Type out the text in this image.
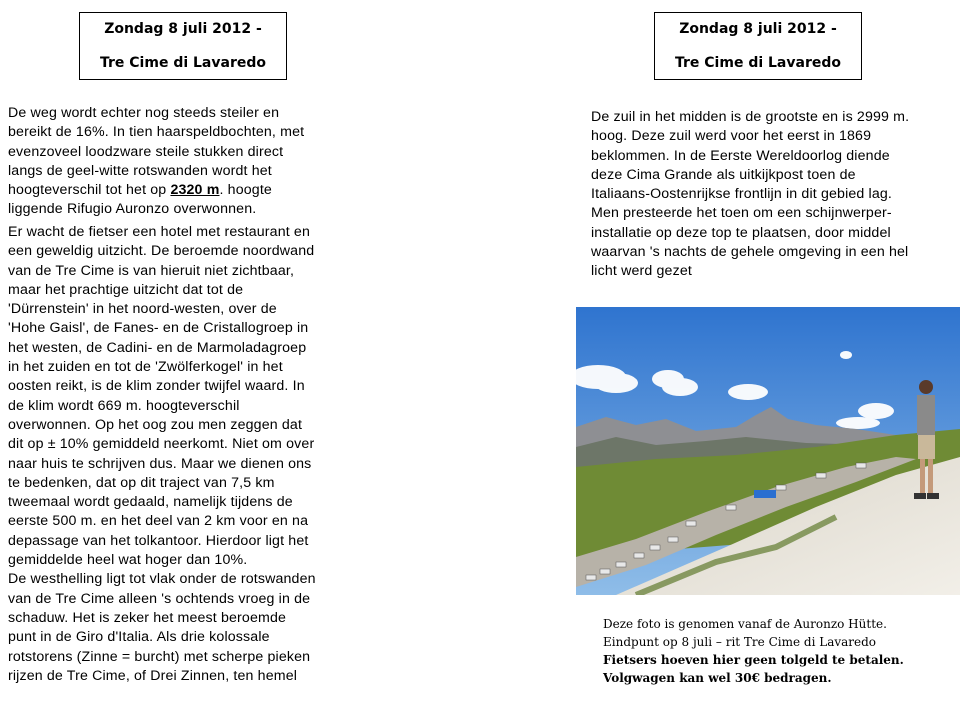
Zondag 8 juli 2012 -
Tre Cime di Lavaredo
De weg wordt echter nog steeds steiler en
bereikt de 16%. In tien haarspeldbochten, met
evenzoveel loodzware steile stukken direct
langs de geel-witte rotswanden wordt het
hoogteverschil tot het op 2320 m. hoogte
liggende Rifugio Auronzo overwonnen.
Er wacht de fietser een hotel met restaurant en
een geweldig uitzicht. De beroemde noordwand
van de Tre Cime is van hieruit niet zichtbaar,
maar het prachtige uitzicht dat tot de
'Dürrenstein' in het noord-westen, over de
'Hohe Gaisl', de Fanes- en de Cristallogroep in
het westen, de Cadini- en de Marmoladagroep
in het zuiden en tot de 'Zwölferkogel' in het
oosten reikt, is de klim zonder twijfel waard. In
de klim wordt 669 m. hoogteverschil
overwonnen. Op het oog zou men zeggen dat
dit op ± 10% gemiddeld neerkomt. Niet om over
naar huis te schrijven dus. Maar we dienen ons
te bedenken, dat op dit traject van 7,5 km
tweemaal wordt gedaald, namelijk tijdens de
eerste 500 m. en het deel van 2 km voor en na
depassage van het tolkantoor. Hierdoor ligt het
gemiddelde heel wat hoger dan 10%.
De westhelling ligt tot vlak onder de rotswanden
van de Tre Cime alleen 's ochtends vroeg in de
schaduw. Het is zeker het meest beroemde
punt in de Giro d'Italia. Als drie kolossale
rotstorens (Zinne = burcht) met scherpe pieken
rijzen de Tre Cime, of Drei Zinnen, ten hemel
Zondag 8 juli 2012 -
Tre Cime di Lavaredo
De zuil in het midden is de grootste en is 2999 m.
hoog. Deze zuil werd voor het eerst in 1869
beklommen. In de Eerste Wereldoorlog diende
deze Cima Grande als uitkijkpost toen de
Italiaans-Oostenrijkse frontlijn in dit gebied lag.
Men presteerde het toen om een schijnwerper-
installatie op deze top te plaatsen, door middel
waarvan 's nachts de gehele omgeving in een hel
licht werd gezet
Deze foto is genomen vanaf de Auronzo Hütte.
Eindpunt op 8 juli – rit Tre Cime di Lavaredo
Fietsers hoeven hier geen tolgeld te betalen.
Volgwagen kan wel 30€ bedragen.
